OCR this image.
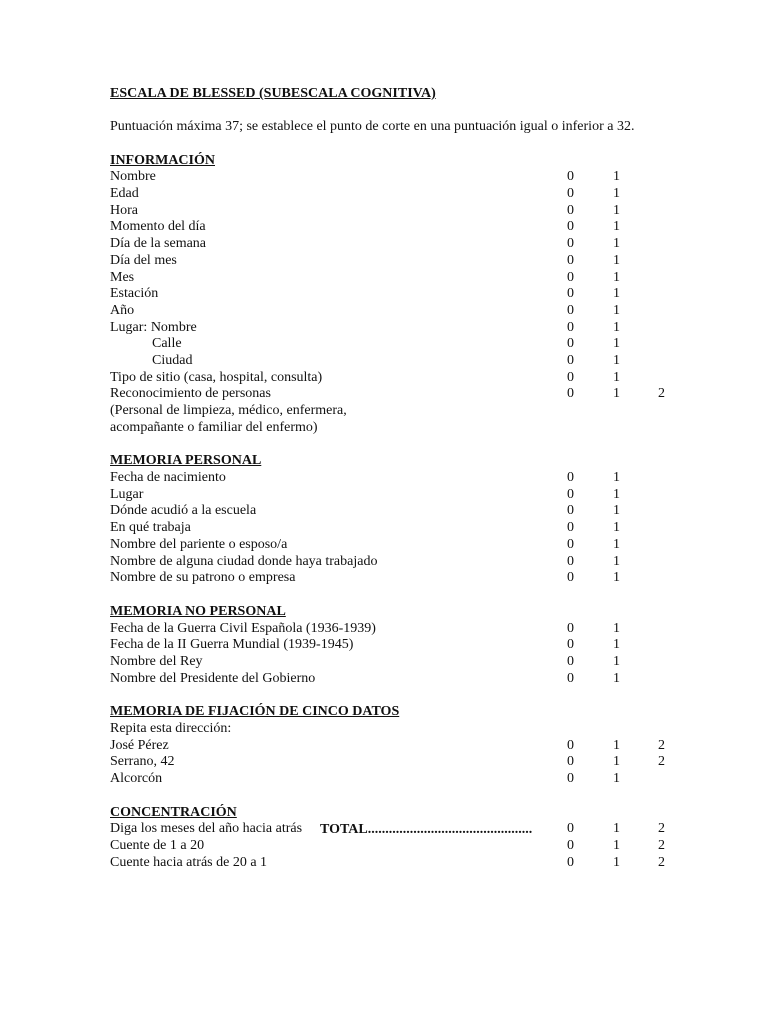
ESCALA DE BLESSED (SUBESCALA COGNITIVA)
Puntuación máxima 37; se establece el punto de corte en una puntuación igual o inferior a 32.
INFORMACIÓN
Nombre	0	1
Edad	0	1
Hora	0	1
Momento del día	0	1
Día de la semana	0	1
Día del mes	0	1
Mes	0	1
Estación	0	1
Año	0	1
Lugar: Nombre	0	1
Calle	0	1
Ciudad	0	1
Tipo de sitio (casa, hospital, consulta)	0	1
Reconocimiento de personas	0	1	2
(Personal de limpieza, médico, enfermera,
acompañante o familiar del enfermo)
MEMORIA PERSONAL
Fecha de nacimiento	0	1
Lugar	0	1
Dónde acudió a la escuela	0	1
En qué trabaja	0	1
Nombre del pariente o esposo/a	0	1
Nombre de alguna ciudad donde haya trabajado	0	1
Nombre de su patrono o empresa	0	1
MEMORIA NO PERSONAL
Fecha de la Guerra Civil Española (1936-1939)	0	1
Fecha de la II Guerra Mundial (1939-1945)	0	1
Nombre del Rey	0	1
Nombre del Presidente del Gobierno	0	1
MEMORIA DE FIJACIÓN DE CINCO DATOS
Repita esta dirección:
José Pérez	0	1	2
Serrano, 42	0	1	2
Alcorcón	0	1
CONCENTRACIÓN
Diga los meses del año hacia atrás	0	1	2
Cuente de 1 a 20	0	1	2
Cuente hacia atrás de 20 a 1	0	1	2
TOTAL...............................................
